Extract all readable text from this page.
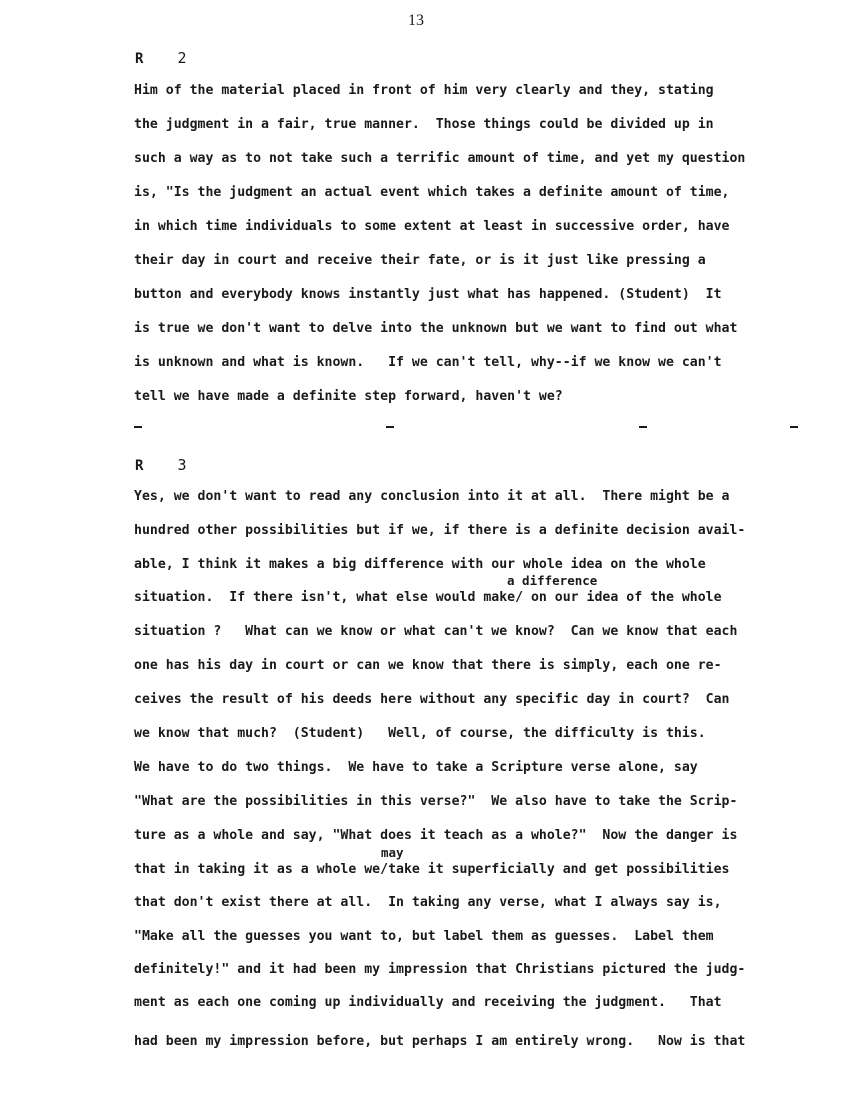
13
R 2
Him of the material placed in front of him very clearly and they, stating
the judgment in a fair, true manner.  Those things could be divided up in
such a way as to not take such a terrific amount of time, and yet my question
is, "Is the judgment an actual event which takes a definite amount of time,
in which time individuals to some extent at least in successive order, have
their day in court and receive their fate, or is it just like pressing a
button and everybody knows instantly just what has happened. (Student)  It
is true we don't want to delve into the unknown but we want to find out what
is unknown and what is known.   If we can't tell, why--if we know we can't
tell we have made a definite step forward, haven't we?
R 3
Yes, we don't want to read any conclusion into it at all.  There might be a
hundred other possibilities but if we, if there is a definite decision avail-
able, I think it makes a big difference with our whole idea on the whole
a difference
situation.  If there isn't, what else would make/ on our idea of the whole
situation ?   What can we know or what can't we know?  Can we know that each
one has his day in court or can we know that there is simply, each one re-
ceives the result of his deeds here without any specific day in court?  Can
we know that much?  (Student)   Well, of course, the difficulty is this.
We have to do two things.  We have to take a Scripture verse alone, say
"What are the possibilities in this verse?"  We also have to take the Scrip-
ture as a whole and say, "What does it teach as a whole?"  Now the danger is
may
that in taking it as a whole we/take it superficially and get possibilities
that don't exist there at all.  In taking any verse, what I always say is,
"Make all the guesses you want to, but label them as guesses.  Label them
definitely!" and it had been my impression that Christians pictured the judg-
ment as each one coming up individually and receiving the judgment.   That
had been my impression before, but perhaps I am entirely wrong.   Now is that
